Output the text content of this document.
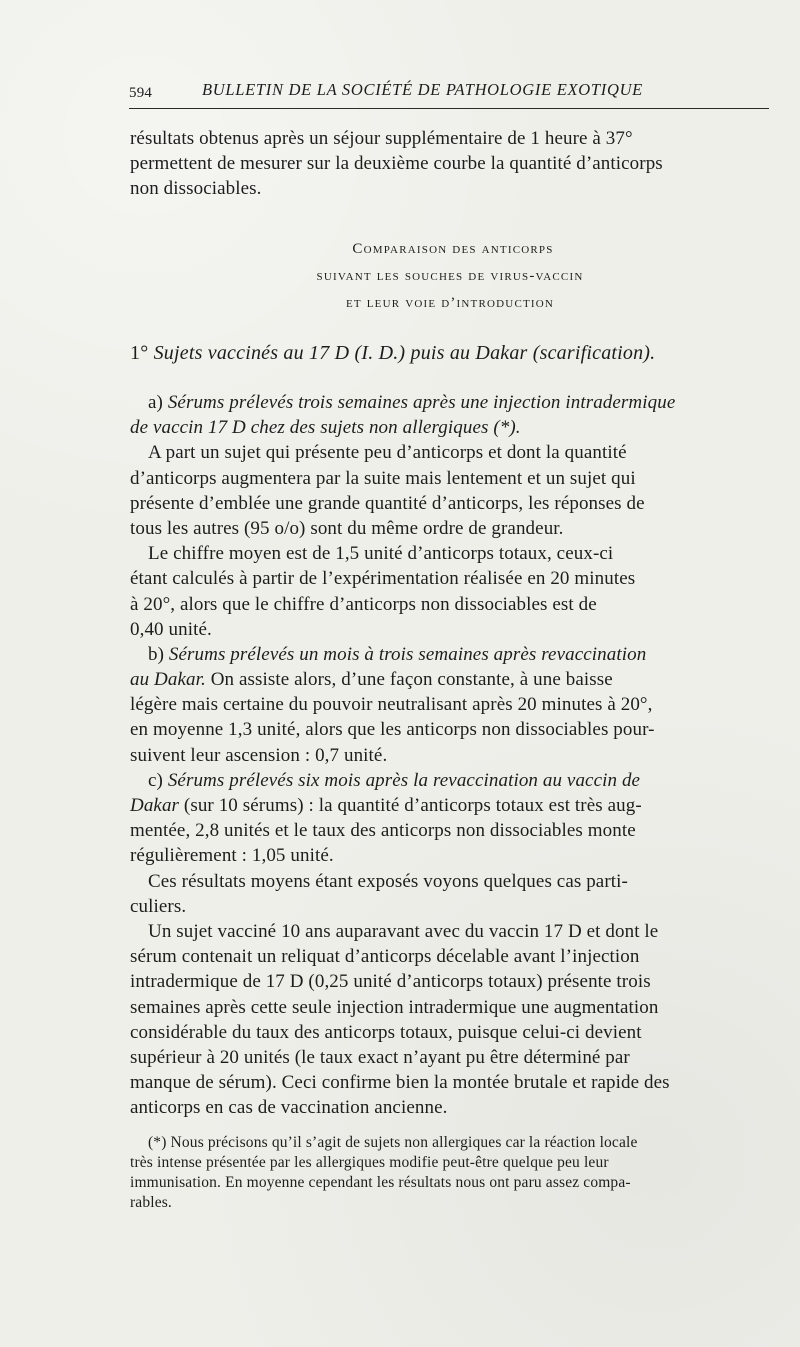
594	BULLETIN DE LA SOCIÉTÉ DE PATHOLOGIE EXOTIQUE
résultats obtenus après un séjour supplémentaire de 1 heure à 37°
permettent de mesurer sur la deuxième courbe la quantité d’anticorps
non dissociables.
Comparaison des anticorps
suivant les souches de virus-vaccin
et leur voie d’introduction
1° Sujets vaccinés au 17 D (I. D.) puis au Dakar (scarification).
a) Sérums prélevés trois semaines après une injection intradermique
de vaccin 17 D chez des sujets non allergiques (*).
A part un sujet qui présente peu d’anticorps et dont la quantité
d’anticorps augmentera par la suite mais lentement et un sujet qui
présente d’emblée une grande quantité d’anticorps, les réponses de
tous les autres (95 o/o) sont du même ordre de grandeur.
Le chiffre moyen est de 1,5 unité d’anticorps totaux, ceux-ci
étant calculés à partir de l’expérimentation réalisée en 20 minutes
à 20°, alors que le chiffre d’anticorps non dissociables est de
0,40 unité.
b) Sérums prélevés un mois à trois semaines après revaccination
au Dakar. On assiste alors, d’une façon constante, à une baisse
légère mais certaine du pouvoir neutralisant après 20 minutes à 20°,
en moyenne 1,3 unité, alors que les anticorps non dissociables pour-
suivent leur ascension : 0,7 unité.
c) Sérums prélevés six mois après la revaccination au vaccin de
Dakar (sur 10 sérums) : la quantité d’anticorps totaux est très aug-
mentée, 2,8 unités et le taux des anticorps non dissociables monte
régulièrement : 1,05 unité.
Ces résultats moyens étant exposés voyons quelques cas parti-
culiers.
Un sujet vacciné 10 ans auparavant avec du vaccin 17 D et dont le
sérum contenait un reliquat d’anticorps décelable avant l’injection
intradermique de 17 D (0,25 unité d’anticorps totaux) présente trois
semaines après cette seule injection intradermique une augmentation
considérable du taux des anticorps totaux, puisque celui-ci devient
supérieur à 20 unités (le taux exact n’ayant pu être déterminé par
manque de sérum). Ceci confirme bien la montée brutale et rapide des
anticorps en cas de vaccination ancienne.
(*) Nous précisons qu’il s’agit de sujets non allergiques car la réaction locale
très intense présentée par les allergiques modifie peut-être quelque peu leur
immunisation. En moyenne cependant les résultats nous ont paru assez compa-
rables.
